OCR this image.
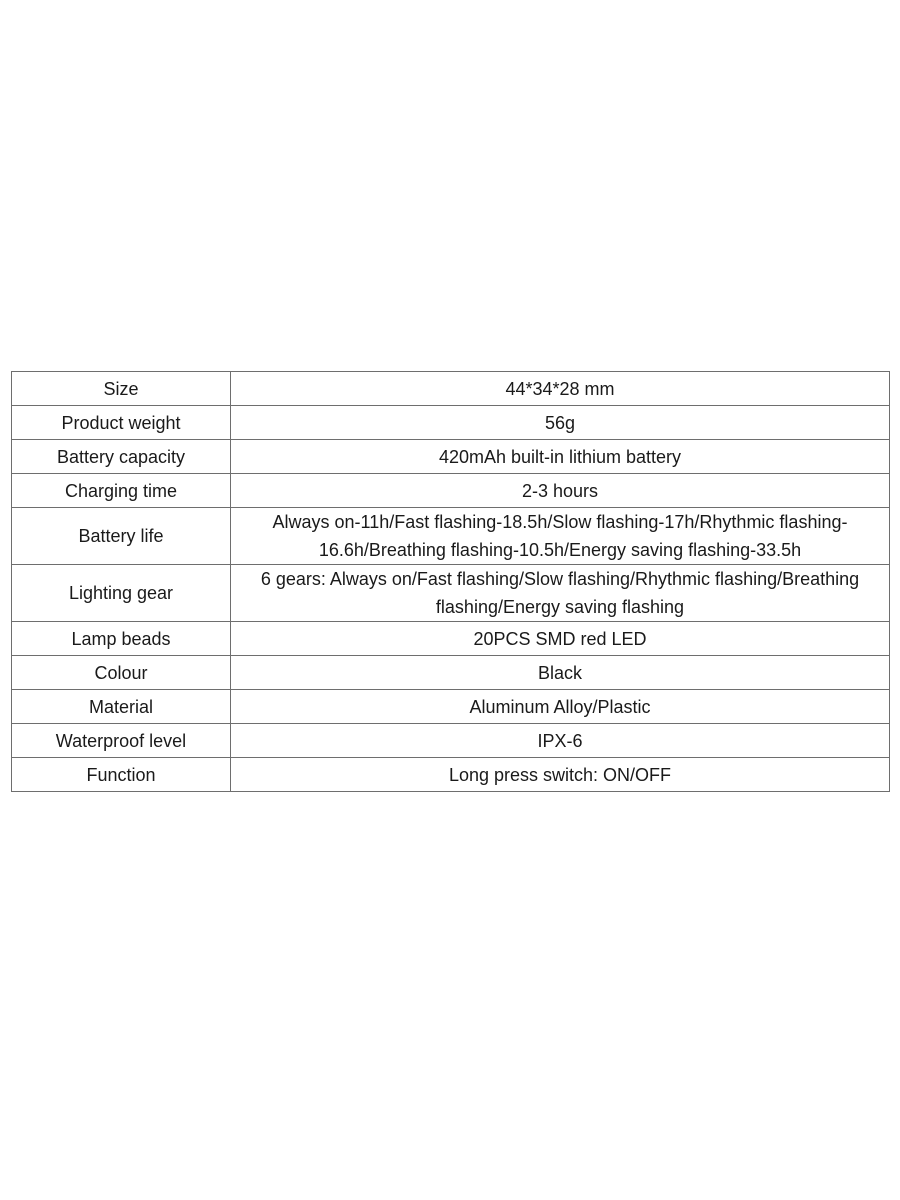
Size	44*34*28 mm
Product weight	56g
Battery capacity	420mAh built-in lithium battery
Charging time	2-3 hours
Battery life	Always on-11h/Fast flashing-18.5h/Slow flashing-17h/Rhythmic flashing-16.6h/Breathing flashing-10.5h/Energy saving flashing-33.5h
Lighting gear	6 gears: Always on/Fast flashing/Slow flashing/Rhythmic flashing/Breathing flashing/Energy saving flashing
Lamp beads	20PCS SMD red LED
Colour	Black
Material	Aluminum Alloy/Plastic
Waterproof level	IPX-6
Function	Long press switch: ON/OFF
